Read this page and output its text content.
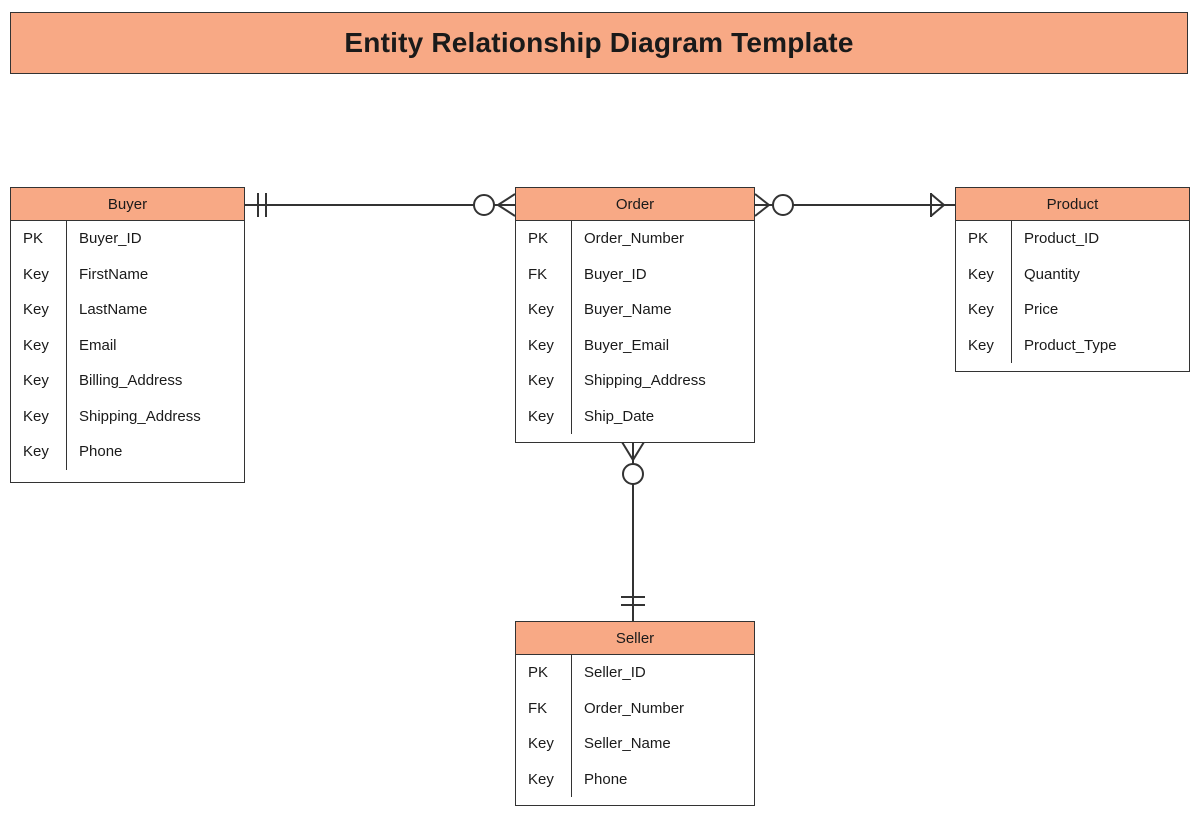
Entity Relationship Diagram Template
Buyer
PK	Buyer_ID
Key	FirstName
Key	LastName
Key	Email
Key	Billing_Address
Key	Shipping_Address
Key	Phone
Order
PK	Order_Number
FK	Buyer_ID
Key	Buyer_Name
Key	Buyer_Email
Key	Shipping_Address
Key	Ship_Date
Product
PK	Product_ID
Key	Quantity
Key	Price
Key	Product_Type
Seller
PK	Seller_ID
FK	Order_Number
Key	Seller_Name
Key	Phone
